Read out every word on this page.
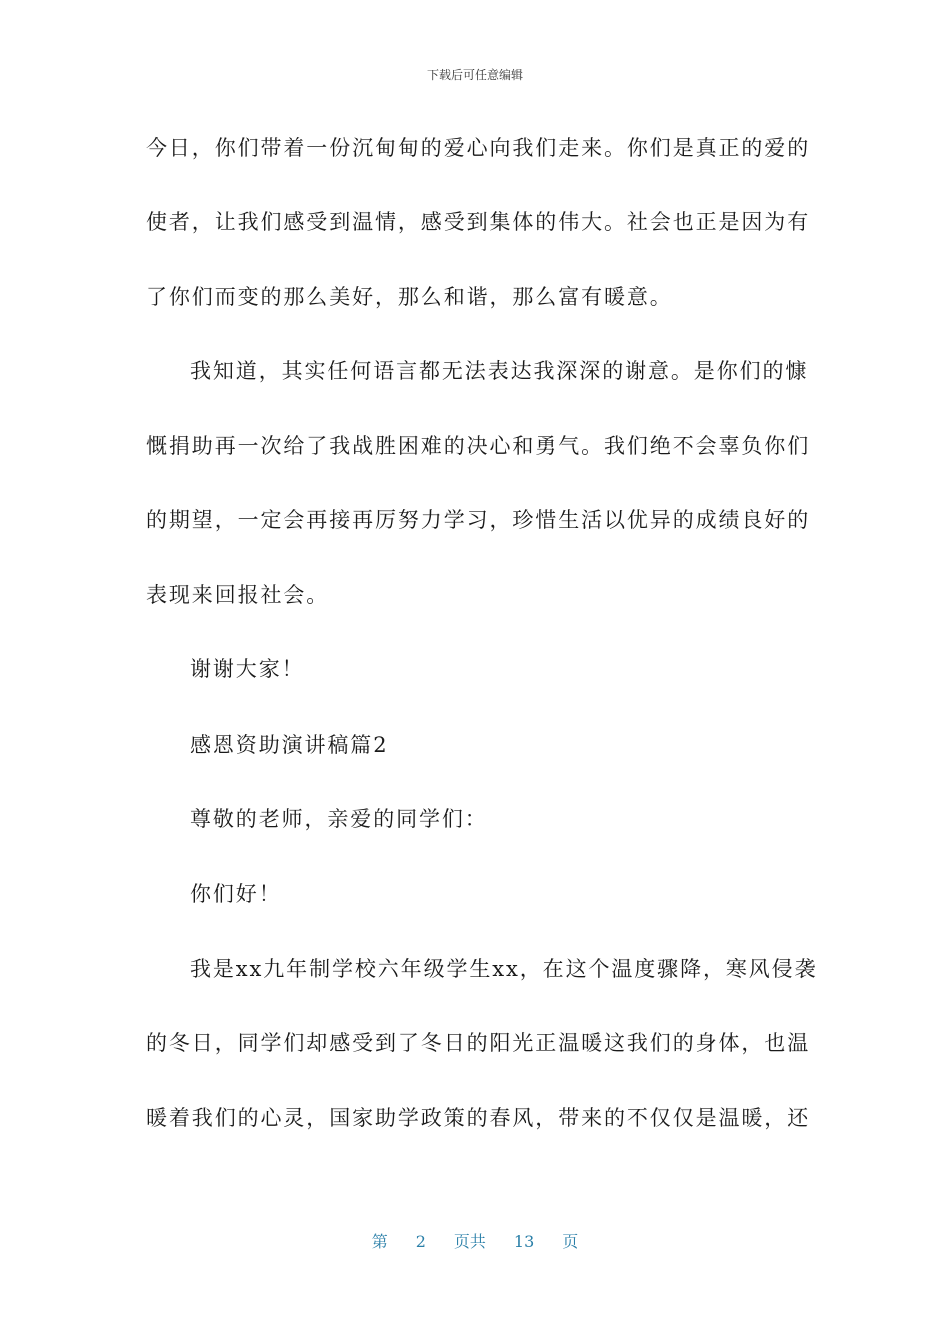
下载后可任意编辑
今日，你们带着一份沉甸甸的爱心向我们走来。你们是真正的爱的
使者，让我们感受到温情，感受到集体的伟大。社会也正是因为有
了你们而变的那么美好，那么和谐，那么富有暖意。
我知道，其实任何语言都无法表达我深深的谢意。是你们的慷
慨捐助再一次给了我战胜困难的决心和勇气。我们绝不会辜负你们
的期望，一定会再接再厉努力学习，珍惜生活以优异的成绩良好的
表现来回报社会。
谢谢大家！
感恩资助演讲稿篇2
尊敬的老师，亲爱的同学们：
你们好！
我是xx九年制学校六年级学生xx，在这个温度骤降，寒风侵袭
的冬日，同学们却感受到了冬日的阳光正温暖这我们的身体，也温
暖着我们的心灵，国家助学政策的春风，带来的不仅仅是温暖，还
第 2 页共 13 页
